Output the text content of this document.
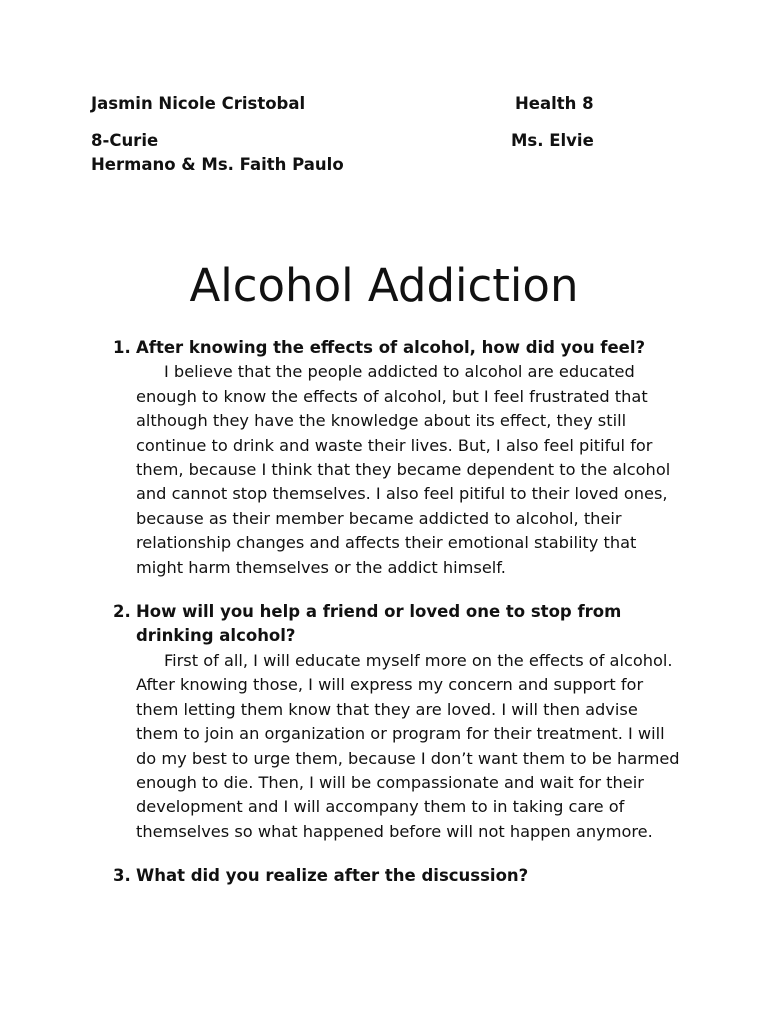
Jasmin Nicole Cristobal	Health 8
8-Curie	Ms. Elvie
Hermano & Ms. Faith Paulo
Alcohol Addiction
1. After knowing the effects of alcohol, how did you feel?

I believe that the people addicted to alcohol are educated enough to know the effects of alcohol, but I feel frustrated that although they have the knowledge about its effect, they still continue to drink and waste their lives. But, I also feel pitiful for them, because I think that they became dependent to the alcohol and cannot stop themselves. I also feel pitiful to their loved ones, because as their member became addicted to alcohol, their relationship changes and affects their emotional stability that might harm themselves or the addict himself.

2. How will you help a friend or loved one to stop from drinking alcohol?

First of all, I will educate myself more on the effects of alcohol. After knowing those, I will express my concern and support for them letting them know that they are loved. I will then advise them to join an organization or program for their treatment. I will do my best to urge them, because I don’t want them to be harmed enough to die. Then, I will be compassionate and wait for their development and I will accompany them to in taking care of themselves so what happened before will not happen anymore.

3. What did you realize after the discussion?
